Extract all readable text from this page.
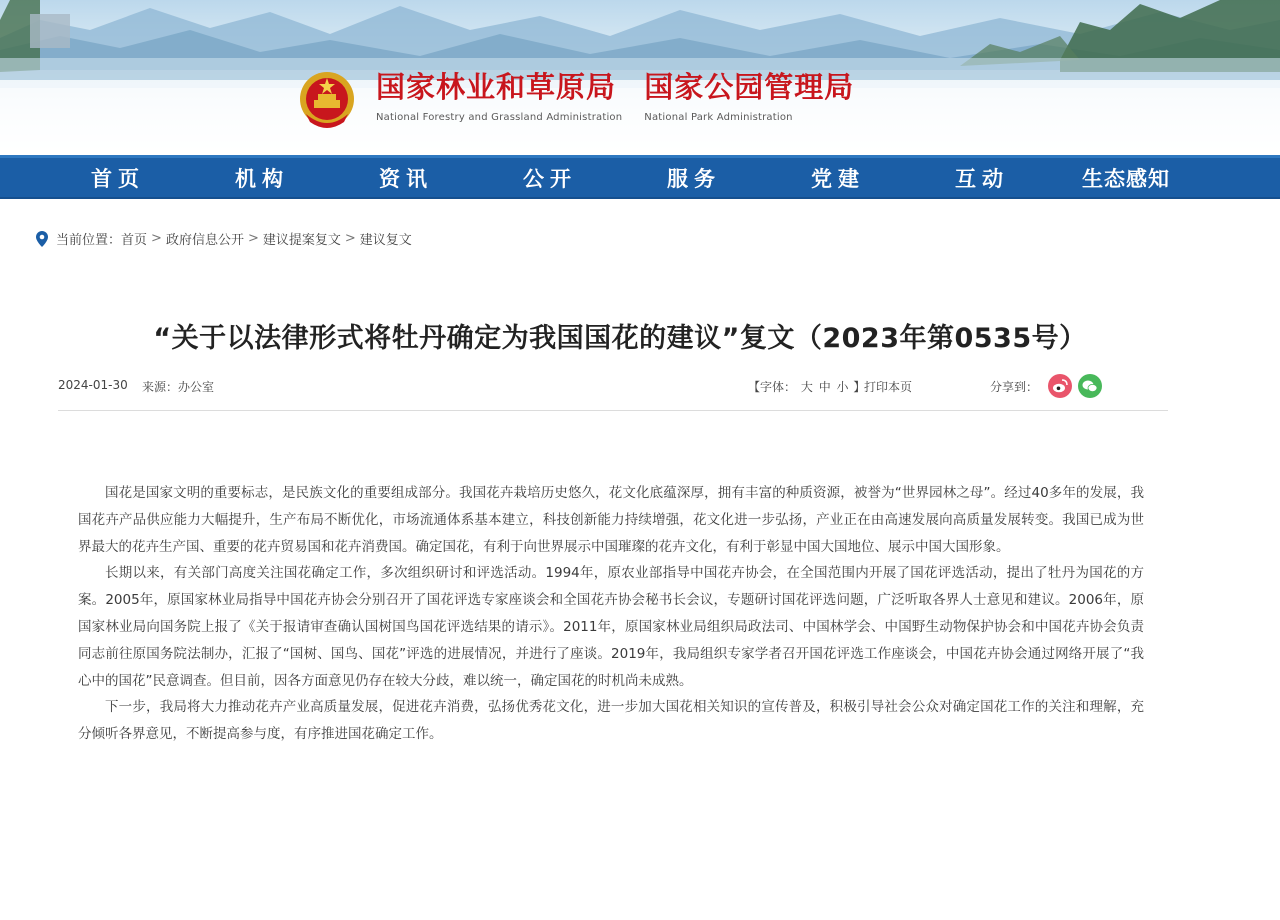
国家林业和草原局
National Forestry and Grassland Administration
国家公园管理局
National Park Administration
首页	机构	资讯	公开	服务	党建	互动	生态感知
当前位置： 首页 > 政府信息公开 > 建议提案复文 > 建议复文
“关于以法律形式将牡丹确定为我国国花的建议”复文（2023年第0535号）
2024-01-30 来源：办公室	【字体： 大 中 小 】
打印本页	分享到：

国花是国家文明的重要标志，是民族文化的重要组成部分。我国花卉栽培历史悠久，花文化底蕴深厚，拥有丰富的种质资源，被誉为“世界园林之母”。经过40多年的发展，我国花卉产品供应能力大幅提升，生产布局不断优化，市场流通体系基本建立，科技创新能力持续增强，花文化进一步弘扬，产业正在由高速发展向高质量发展转变。我国已成为世界最大的花卉生产国、重要的花卉贸易国和花卉消费国。确定国花，有利于向世界展示中国璀璨的花卉文化，有利于彰显中国大国地位、展示中国大国形象。

长期以来，有关部门高度关注国花确定工作，多次组织研讨和评选活动。1994年，原农业部指导中国花卉协会，在全国范围内开展了国花评选活动，提出了牡丹为国花的方案。2005年，原国家林业局指导中国花卉协会分别召开了国花评选专家座谈会和全国花卉协会秘书长会议，专题研讨国花评选问题，广泛听取各界人士意见和建议。2006年，原国家林业局向国务院上报了《关于报请审查确认国树国鸟国花评选结果的请示》。2011年，原国家林业局组织局政法司、中国林学会、中国野生动物保护协会和中国花卉协会负责同志前往原国务院法制办，汇报了“国树、国鸟、国花”评选的进展情况，并进行了座谈。2019年，我局组织专家学者召开国花评选工作座谈会，中国花卉协会通过网络开展了“我心中的国花”民意调查。但目前，因各方面意见仍存在较大分歧，难以统一，确定国花的时机尚未成熟。

下一步，我局将大力推动花卉产业高质量发展，促进花卉消费，弘扬优秀花文化，进一步加大国花相关知识的宣传普及，积极引导社会公众对确定国花工作的关注和理解，充分倾听各界意见，不断提高参与度，有序推进国花确定工作。
